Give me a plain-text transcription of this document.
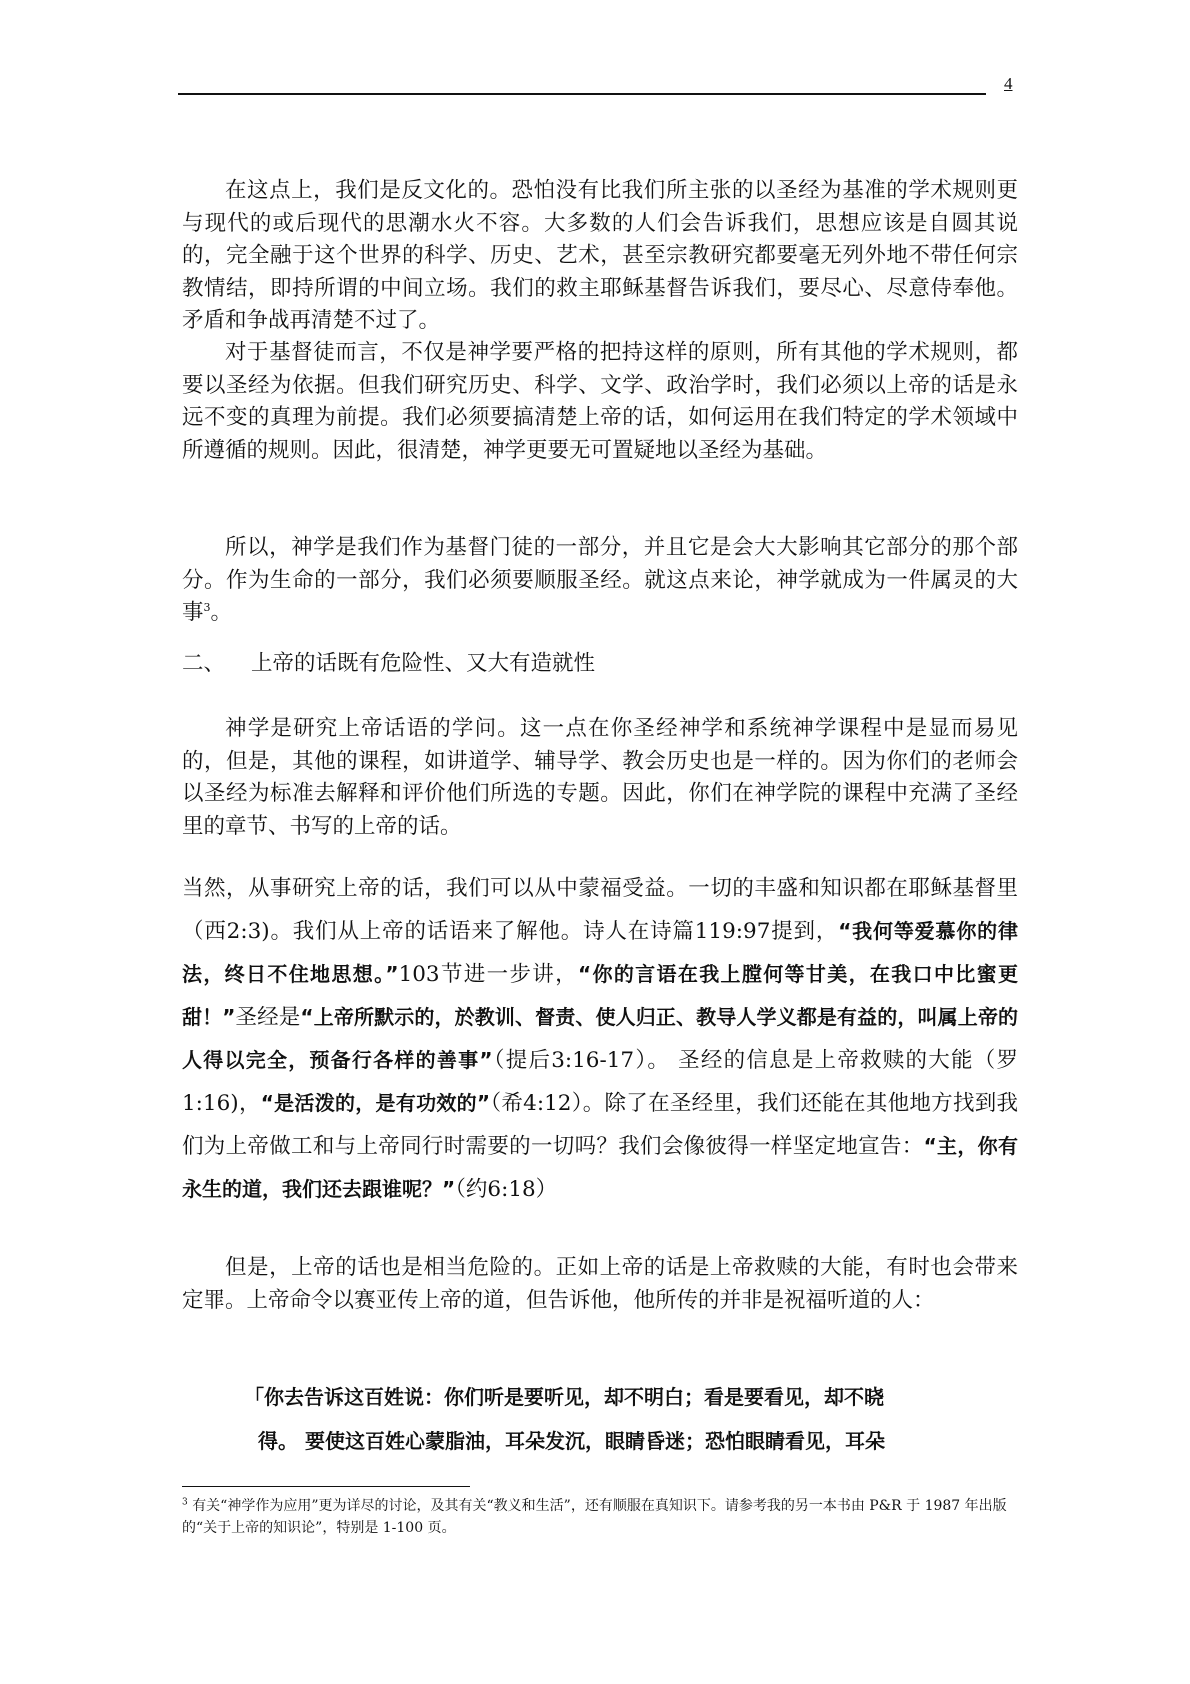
4

在这点上，我们是反文化的。恐怕没有比我们所主张的以圣经为基准的学术规则更与现代的或后现代的思潮水火不容。大多数的人们会告诉我们，思想应该是自圆其说的，完全融于这个世界的科学、历史、艺术，甚至宗教研究都要毫无列外地不带任何宗教情结，即持所谓的中间立场。我们的救主耶稣基督告诉我们，要尽心、尽意侍奉他。矛盾和争战再清楚不过了。

对于基督徒而言，不仅是神学要严格的把持这样的原则，所有其他的学术规则，都要以圣经为依据。但我们研究历史、科学、文学、政治学时，我们必须以上帝的话是永远不变的真理为前提。我们必须要搞清楚上帝的话，如何运用在我们特定的学术领域中所遵循的规则。因此，很清楚，神学更要无可置疑地以圣经为基础。

所以，神学是我们作为基督门徒的一部分，并且它是会大大影响其它部分的那个部分。作为生命的一部分，我们必须要顺服圣经。就这点来论，神学就成为一件属灵的大事$^3$。

二、 上帝的话既有危险性、又大有造就性

神学是研究上帝话语的学问。这一点在你圣经神学和系统神学课程中是显而易见的，但是，其他的课程，如讲道学、辅导学、教会历史也是一样的。因为你们的老师会以圣经为标准去解释和评价他们所选的专题。因此，你们在神学院的课程中充满了圣经里的章节、书写的上帝的话。

当然，从事研究上帝的话，我们可以从中蒙福受益。一切的丰盛和知识都在耶稣基督里（西2:3)。我们从上帝的话语来了解他。诗人在诗篇119:97提到，“我何等爱慕你的律法，终日不住地思想。”103节进一步讲，“你的言语在我上膛何等甘美，在我口中比蜜更甜！”圣经是“上帝所默示的，於教训、督责、使人归正、教导人学义都是有益的，叫属上帝的人得以完全，预备行各样的善事”（提后3:16-17）。 圣经的信息是上帝救赎的大能（罗1:16)，“是活泼的，是有功效的”（希4:12）。除了在圣经里，我们还能在其他地方找到我们为上帝做工和与上帝同行时需要的一切吗？我们会像彼得一样坚定地宣告：“主，你有永生的道，我们还去跟谁呢？”（约6:18）

但是，上帝的话也是相当危险的。正如上帝的话是上帝救赎的大能，有时也会带来定罪。上帝命令以赛亚传上帝的道，但告诉他，他所传的并非是祝福听道的人：

「你去告诉这百姓说：你们听是要听见，却不明白；看是要看见，却不晓
得。 要使这百姓心蒙脂油，耳朵发沉，眼睛昏迷；恐怕眼睛看见，耳朵

$^3$ 有关“神学作为应用”更为详尽的讨论，及其有关“教义和生活”，还有顺服在真知识下。请参考我的另一本书由 P&R 于 1987 年出版的“关于上帝的知识论”，特别是 1-100 页。
